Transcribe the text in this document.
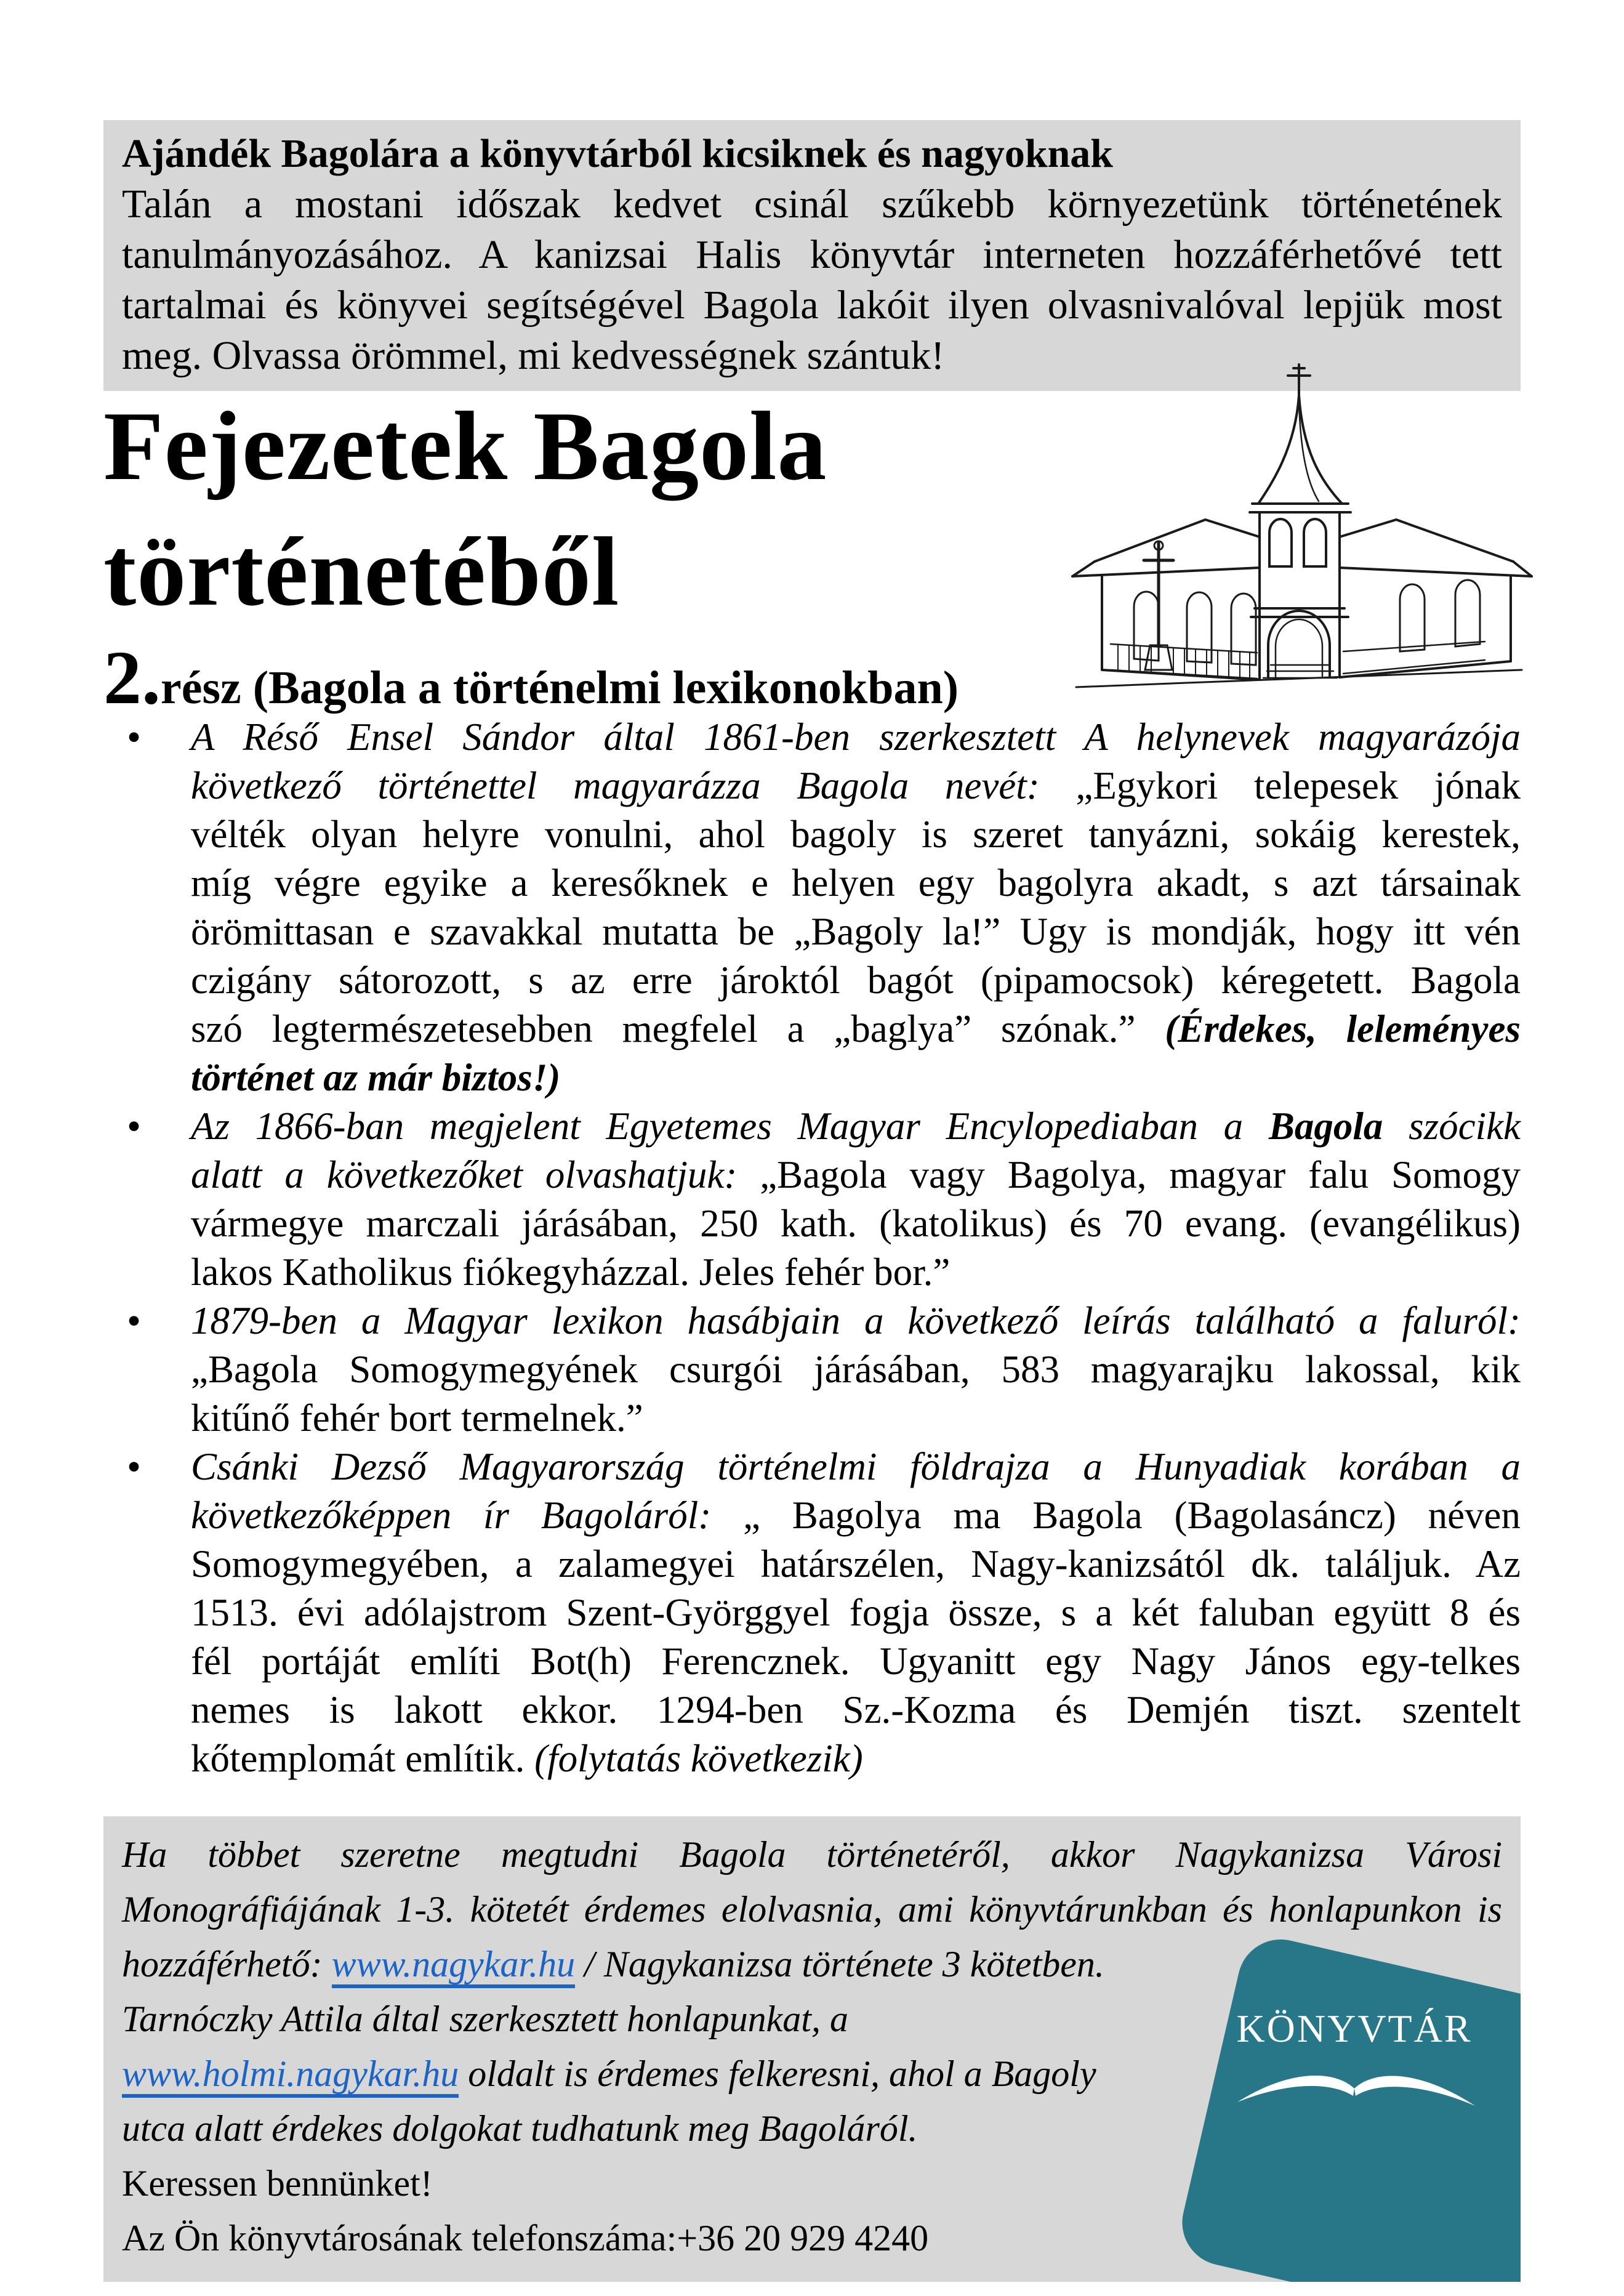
Ajándék Bagolára a könyvtárból kicsiknek és nagyoknak
Talán a mostani időszak kedvet csinál szűkebb környezetünk történetének
tanulmányozásához. A kanizsai Halis könyvtár interneten hozzáférhetővé tett
tartalmai és könyvei segítségével Bagola lakóit ilyen olvasnivalóval lepjük most
meg. Olvassa örömmel, mi kedvességnek szántuk!
Fejezetek Bagola
történetéből
2. rész (Bagola a történelmi lexikonokban)
• A Réső Ensel Sándor által 1861-ben szerkesztett A helynevek magyarázója
következő történettel magyarázza Bagola nevét: „Egykori telepesek jónak
vélték olyan helyre vonulni, ahol bagoly is szeret tanyázni, sokáig kerestek,
míg végre egyike a keresőknek e helyen egy bagolyra akadt, s azt társainak
örömittasan e szavakkal mutatta be „Bagoly la!” Ugy is mondják, hogy itt vén
czigány sátorozott, s az erre jároktól bagót (pipamocsok) kéregetett. Bagola
szó legtermészetesebben megfelel a „baglya” szónak.” (Érdekes, leleményes
történet az már biztos!)
• Az 1866-ban megjelent Egyetemes Magyar Encylopediaban a Bagola szócikk
alatt a következőket olvashatjuk: „Bagola vagy Bagolya, magyar falu Somogy
vármegye marczali járásában, 250 kath. (katolikus) és 70 evang. (evangélikus)
lakos Katholikus fiókegyházzal. Jeles fehér bor.”
• 1879-ben a Magyar lexikon hasábjain a következő leírás található a faluról:
„Bagola Somogymegyének csurgói járásában, 583 magyarajku lakossal, kik
kitűnő fehér bort termelnek.”
• Csánki Dezső Magyarország történelmi földrajza a Hunyadiak korában a
következőképpen ír Bagoláról: „ Bagolya ma Bagola (Bagolasáncz) néven
Somogymegyében, a zalamegyei határszélen, Nagy-kanizsától dk. találjuk. Az
1513. évi adólajstrom Szent-Györggyel fogja össze, s a két faluban együtt 8 és
fél portáját említi Bot(h) Ferencznek. Ugyanitt egy Nagy János egy-telkes
nemes is lakott ekkor. 1294-ben Sz.-Kozma és Demjén tiszt. szentelt
kőtemplomát említik. (folytatás következik)
Ha többet szeretne megtudni Bagola történetéről, akkor Nagykanizsa Városi
Monográfiájának 1-3. kötetét érdemes elolvasnia, ami könyvtárunkban és honlapunkon is
hozzáférhető: www.nagykar.hu / Nagykanizsa története 3 kötetben.
Tarnóczky Attila által szerkesztett honlapunkat, a
www.holmi.nagykar.hu oldalt is érdemes felkeresni, ahol a Bagoly
utca alatt érdekes dolgokat tudhatunk meg Bagoláról.
Keressen bennünket!
Az Ön könyvtárosának telefonszáma:+36 20 929 4240
KÖNYVTÁR
